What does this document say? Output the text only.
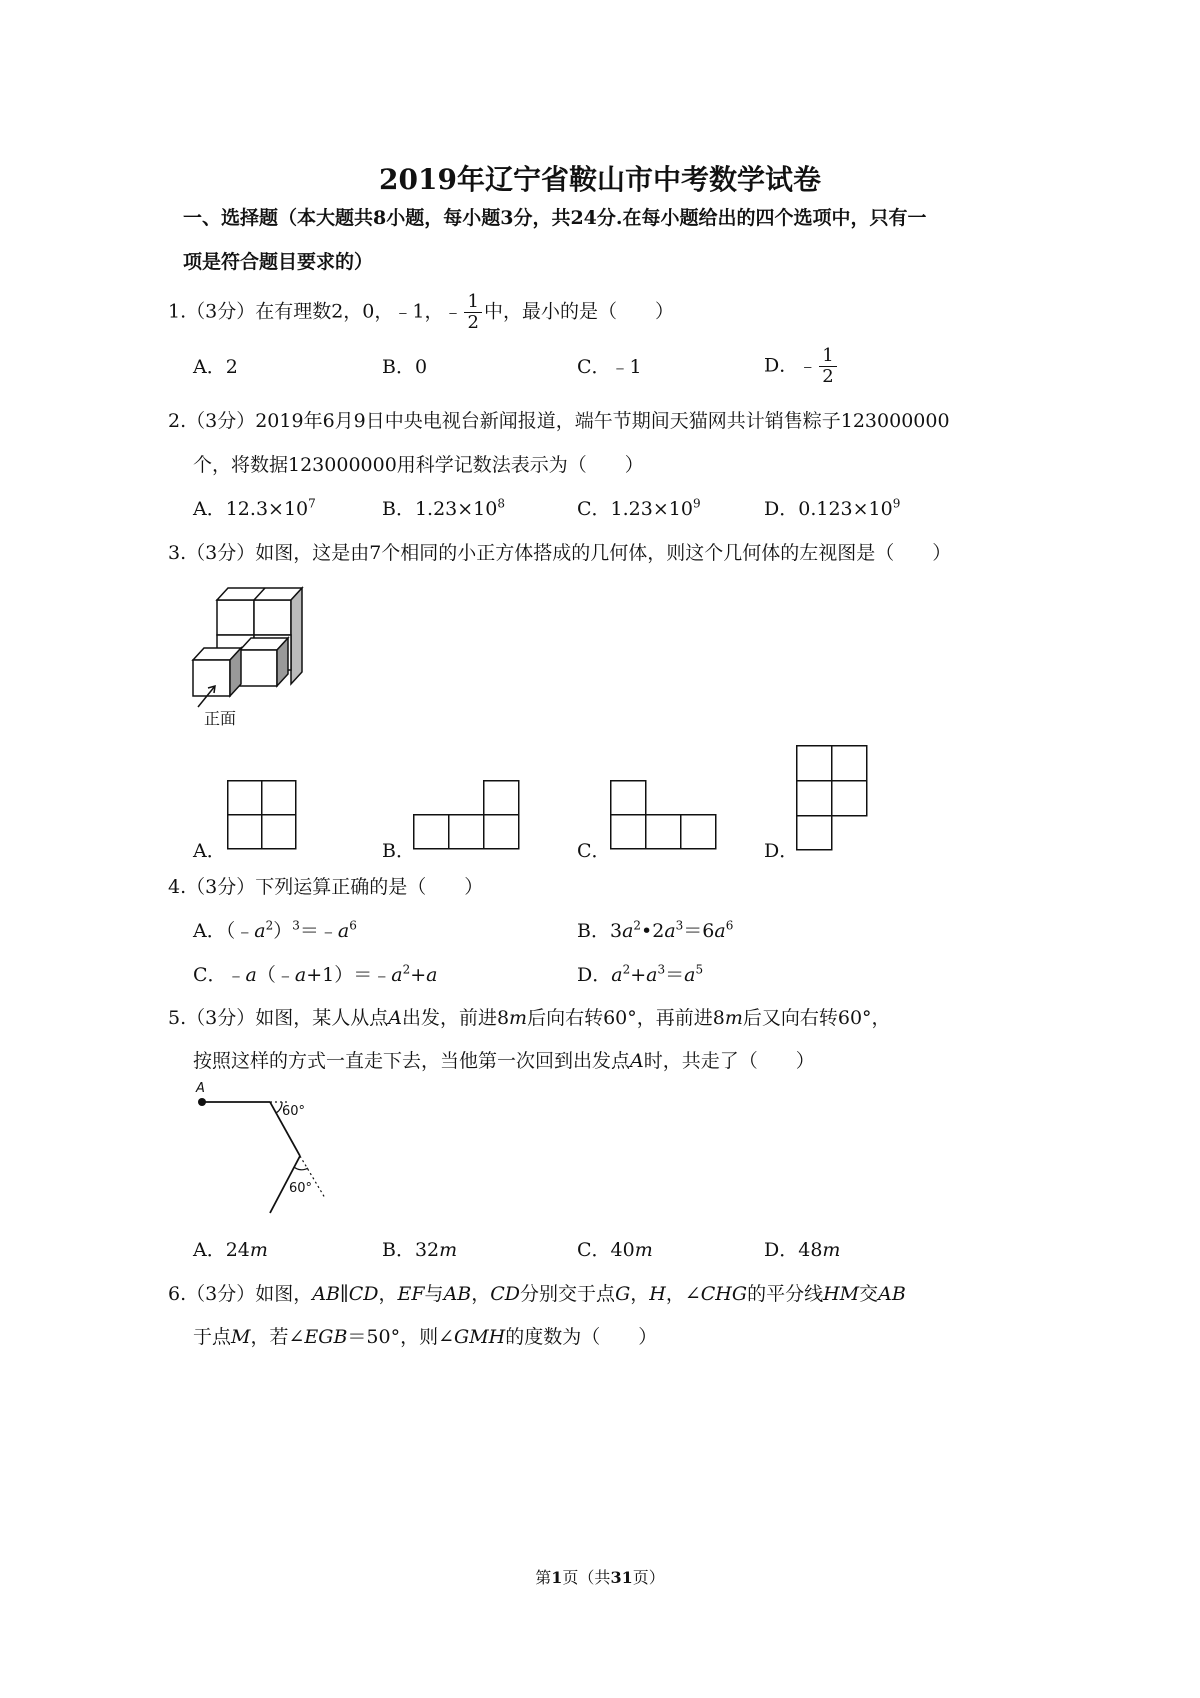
2019年辽宁省鞍山市中考数学试卷
一、选择题（本大题共8小题，每小题3分，共24分.在每小题给出的四个选项中，只有一
项是符合题目要求的）
1.（3分）在有理数2，0，﹣1，﹣ $\frac{1}{2}$ 中，最小的是（　　）
A．2	B．0	C．﹣1	D．﹣ $\frac{1}{2}$
2.（3分）2019年6月9日中央电视台新闻报道，端午节期间天猫网共计销售粽子123000000
个，将数据123000000用科学记数法表示为（　　）
A．$12.3\times 10^7$	B．$1.23\times 10^8$	C．$1.23\times 10^9$	D．$0.123\times 10^9$
3.（3分）如图，这是由7个相同的小正方体搭成的几何体，则这个几何体的左视图是（　　）
正面
A．	B．	C．	D．
4.（3分）下列运算正确的是（　　）
A．$(﹣a^2)^3=﹣a^6$	B．$3a^2•2a^3=6a^6$
C．$﹣a(﹣a+1)=﹣a^2+a$	D．$a^2+a^3=a^5$
5.（3分）如图，某人从点A出发，前进8m后向右转60°，再前进8m后又向右转60°，
按照这样的方式一直走下去，当他第一次回到出发点A时，共走了（　　）
A
60°
60°
A．24m	B．32m	C．40m	D．48m
6.（3分）如图，AB∥CD，EF与AB，CD分别交于点G，H，∠CHG的平分线HM交AB
于点M，若∠EGB＝50°，则∠GMH的度数为（　　）
第1页（共31页）
